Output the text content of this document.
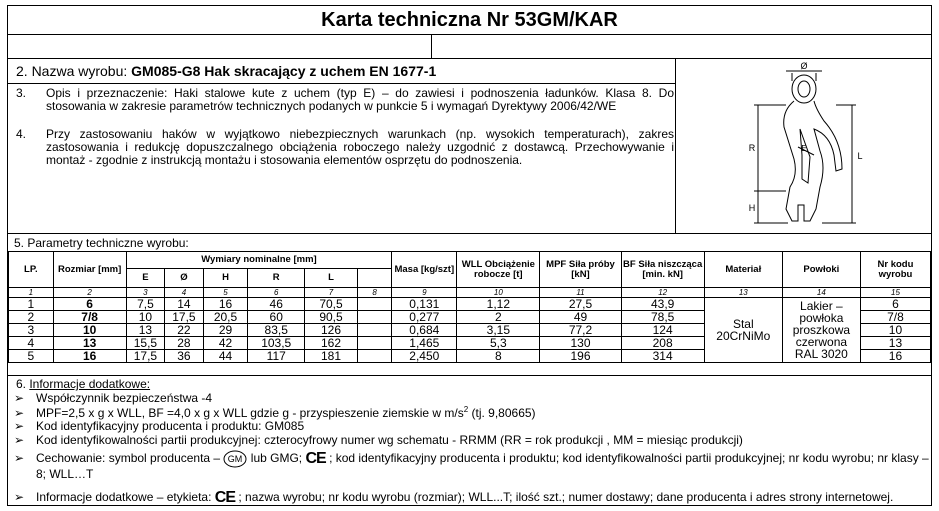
Karta techniczna Nr 53GM/KAR
2. Nazwa wyrobu: GM085-G8 Hak skracający z uchem EN 1677-1
3. Opis i przeznaczenie: Haki stalowe kute z uchem (typ E) – do zawiesi i podnoszenia ładunków. Klasa 8. Do stosowania w zakresie parametrów technicznych podanych w punkcie 5 i wymagań Dyrektywy 2006/42/WE
4. Przy zastosowaniu haków w wyjątkowo niebezpiecznych warunkach (np. wysokich temperaturach), zakres zastosowania i redukcję dopuszczalnego obciążenia roboczego należy uzgodnić z dostawcą. Przechowywanie i montaż - zgodnie z instrukcją montażu i stosowania elementów osprzętu do podnoszenia.
Ø
E
R
L
H
5. Parametry techniczne wyrobu:
LP.	Rozmiar [mm]	Wymiary nominalne [mm]						Masa [kg/szt]	WLL Obciążenie robocze [t]	MPF Siła próby [kN]	BF Siła niszcząca [min. kN]	Materiał	Powłoki	Nr kodu wyrobu
		E	Ø	H	R	L								
1	2	3	4	5	6	7	8	9	10	11	12	13	14	15
1	6	7,5	14	16	46	70,5		0,131	1,12	27,5	43,9	Stal 20CrNiMo	Lakier – powłoka proszkowa czerwona RAL 3020	6
2	7/8	10	17,5	20,5	60	90,5		0,277	2	49	78,5			7/8
3	10	13	22	29	83,5	126		0,684	3,15	77,2	124			10
4	13	15,5	28	42	103,5	162		1,465	5,3	130	208			13
5	16	17,5	36	44	117	181		2,450	8	196	314			16
6. Informacje dodatkowe:
➢ Współczynnik bezpieczeństwa -4
➢ MPF=2,5 x g x WLL, BF =4,0 x g x WLL gdzie g - przyspieszenie ziemskie w $m/s^2$ (tj. 9,80665)
➢ Kod identyfikacyjny producenta i produktu: GM085
➢ Kod identyfikowalności partii produkcyjnej: czterocyfrowy numer wg schematu - RRMM (RR = rok produkcji , MM = miesiąc produkcji)
➢ Cechowanie: symbol producenta – GM lub GMG; CE ; kod identyfikacyjny producenta i produktu; kod identyfikowalności partii produkcyjnej; nr kodu wyrobu; nr klasy –
8; WLL…T
➢ Informacje dodatkowe – etykieta: CE ; nazwa wyrobu; nr kodu wyrobu (rozmiar); WLL...T; ilość szt.; numer dostawy; dane producenta i adres strony internetowej.
